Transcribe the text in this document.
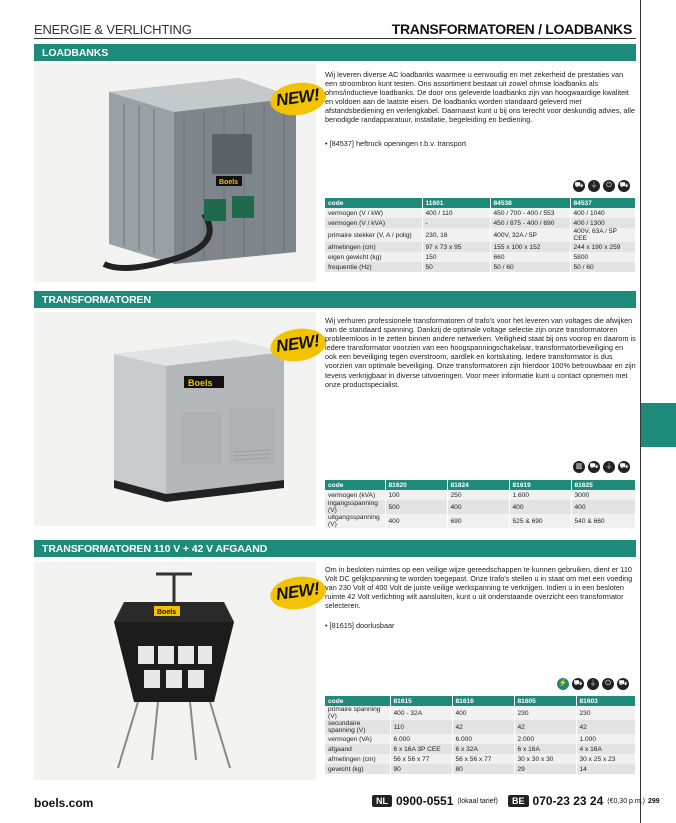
ENERGIE & VERLICHTING	TRANSFORMATOREN / LOADBANKS
LOADBANKS
Boels
NEW!
Wij leveren diverse AC loadbanks waarmee u eenvoudig en met zekerheid de prestaties van een stroombron kunt testen. Ons assortiment bestaat uit zowel ohmse loadbanks als ohms/inductieve loadbanks. De door ons geleverde loadbanks zijn van hoogwaardige kwaliteit en voldoen aan de laatste eisen. De loadbanks worden standaard geleverd met afstandsbediening en verlengkabel. Daarnaast kunt u bij ons terecht voor deskundig advies, alle benodigde randapparatuur, installatie, begeleiding en bediening.
• [84537] heftruck openingen t.b.v. transport
⛟	⏚	⏻	⛟
code	11601	84538	84537
vermogen (V / kW)	400 / 110	450 / 700 - 400 / 553	400 / 1040
vermogen (V / kVA)	-	450 / 875 - 400 / 690	400 / 1300
primaire stekker (V, A / polig)	230, 16	400V, 32A / 5P	400V, 63A / 5P CEE
afmetingen (cm)	97 x 73 x 95	155 x 100 x 152	244 x 190 x 259
eigen gewicht (kg)	150	660	5800
frequentie (Hz)	50	50 / 60	50 / 60
TRANSFORMATOREN
Boels
NEW!
Wij verhuren professionele transformatoren of trafo's voor het leveren van voltages die afwijken van de standaard spanning. Dankzij de optimale voltage selectie zijn onze transformatoren probleemloos in te zetten binnen andere netwerken. Veiligheid staat bij ons voorop en daarom is iedere transformator voorzien van een hoogspanningschakelaar, transformatorbeveiliging en ook een beveiliging tegen overstroom, aardlek en kortsluiting. Iedere transformator is dus voorzien van optimale beveiliging. Onze transformatoren zijn hierdoor 100% betrouwbaar en zijn tevens verkrijgbaar in diverse uitvoeringen. Voor meer informatie kunt u contact opnemen met onze productspecialist.
▥	⛟	⏚	⛟
code	81620	81624	81619	81625
vermogen (kVA)	100	250	1.600	3000
ingangsspanning (V)	500	400	400	400
uitgangsspanning (V)	400	690	525 & 690	540 & 660
TRANSFORMATOREN 110 V + 42 V AFGAAND
Boels
NEW!
Om in besloten ruimtes op een veilige wijze gereedschappen te kunnen gebruiken, dient er 110 Volt DC gelijkspanning te worden toegepast. Onze trafo's stellen u in staat om met een voeding van 230 Volt of 400 Volt de juiste veilige werkspanning te verkrijgen. Indien u in een besloten ruimte 42 Volt verlichting wilt aansluiten, kunt u uit onderstaande overzicht een transformator selecteren.
• [81615] doorlusbaar
⚡ ⛟	⏚	⏻	⛟
code	81615	81616	81605	81603
primaire spanning (V)	400 - 32A	400	230	230
secundaire spanning (V)	110	42	42	42
vermogen (VA)	6.000	6.000	2.000	1.000
afgaand	6 x 16A 3P CEE	6 x 32A	6 x 16A	4 x 16A
afmetingen (cm)	56 x 56 x 77	56 x 56 x 77	30 x 30 x 30	30 x 25 x 23
gewicht (kg)	90	80	29	14
boels.com	NL 0900-0551 (lokaal tarief)	BE 070-23 23 24 (€0,30 p.m.) 299
